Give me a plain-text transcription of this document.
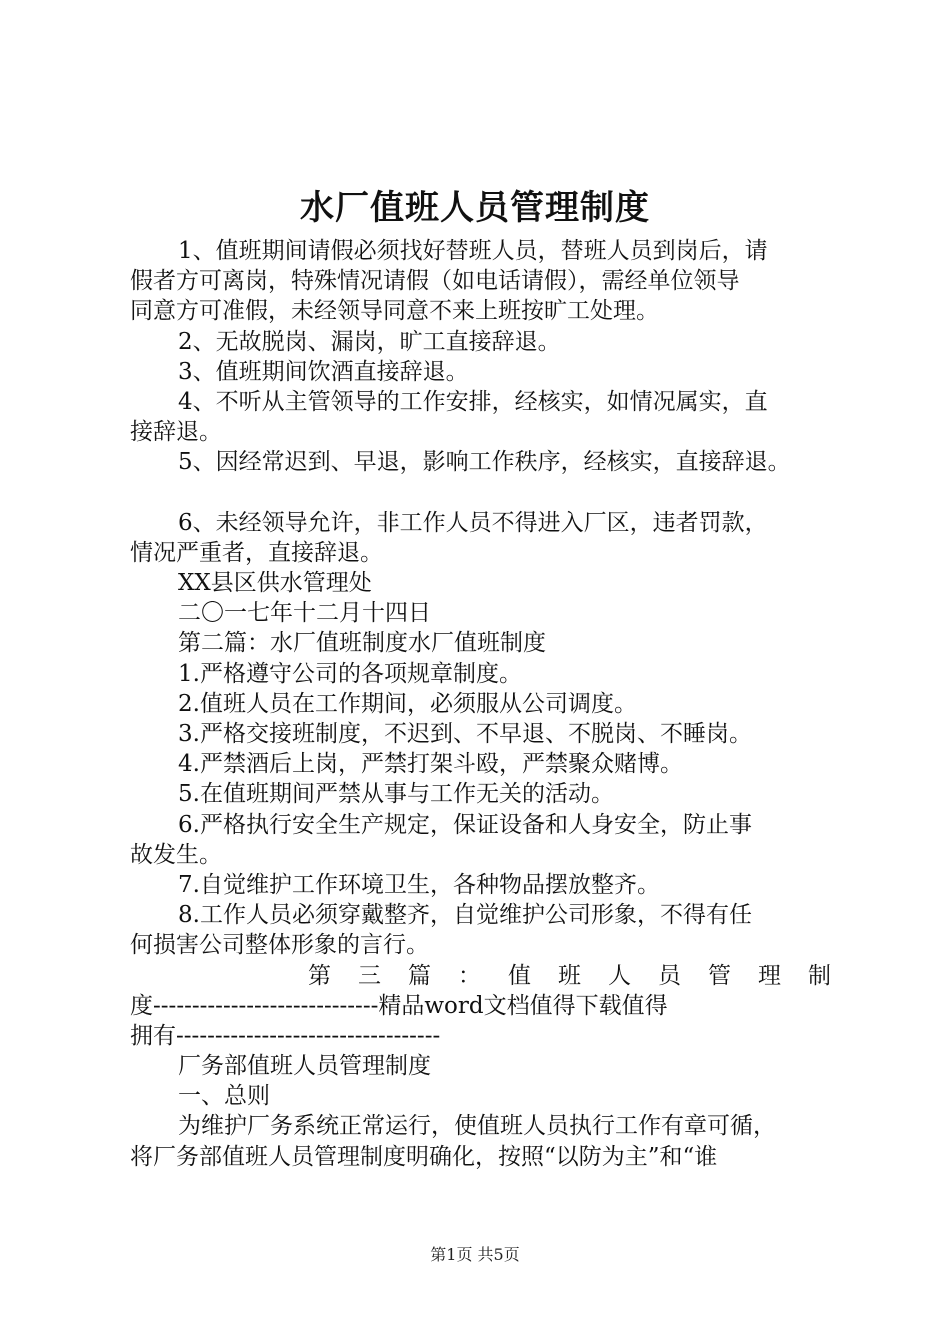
水厂值班人员管理制度
1、值班期间请假必须找好替班人员，替班人员到岗后，请
假者方可离岗，特殊情况请假（如电话请假），需经单位领导
同意方可准假，未经领导同意不来上班按旷工处理。
2、无故脱岗、漏岗，旷工直接辞退。
3、值班期间饮酒直接辞退。
4、不听从主管领导的工作安排，经核实，如情况属实，直
接辞退。
5、因经常迟到、早退，影响工作秩序，经核实，直接辞退。
6、未经领导允许，非工作人员不得进入厂区，违者罚款，
情况严重者，直接辞退。
XX县区供水管理处
二〇一七年十二月十四日
第二篇：水厂值班制度水厂值班制度
1.严格遵守公司的各项规章制度。
2.值班人员在工作期间，必须服从公司调度。
3.严格交接班制度，不迟到、不早退、不脱岗、不睡岗。
4.严禁酒后上岗，严禁打架斗殴，严禁聚众赌博。
5.在值班期间严禁从事与工作无关的活动。
6.严格执行安全生产规定，保证设备和人身安全，防止事
故发生。
7.自觉维护工作环境卫生，各种物品摆放整齐。
8.工作人员必须穿戴整齐，自觉维护公司形象，不得有任
何损害公司整体形象的言行。
第 三 篇 ： 值 班 人 员 管 理 制
度-----------------------------精品word文档值得下载值得
拥有----------------------------------
厂务部值班人员管理制度
一、总则
为维护厂务系统正常运行，使值班人员执行工作有章可循，
将厂务部值班人员管理制度明确化，按照“以防为主”和“谁
第1页 共5页
